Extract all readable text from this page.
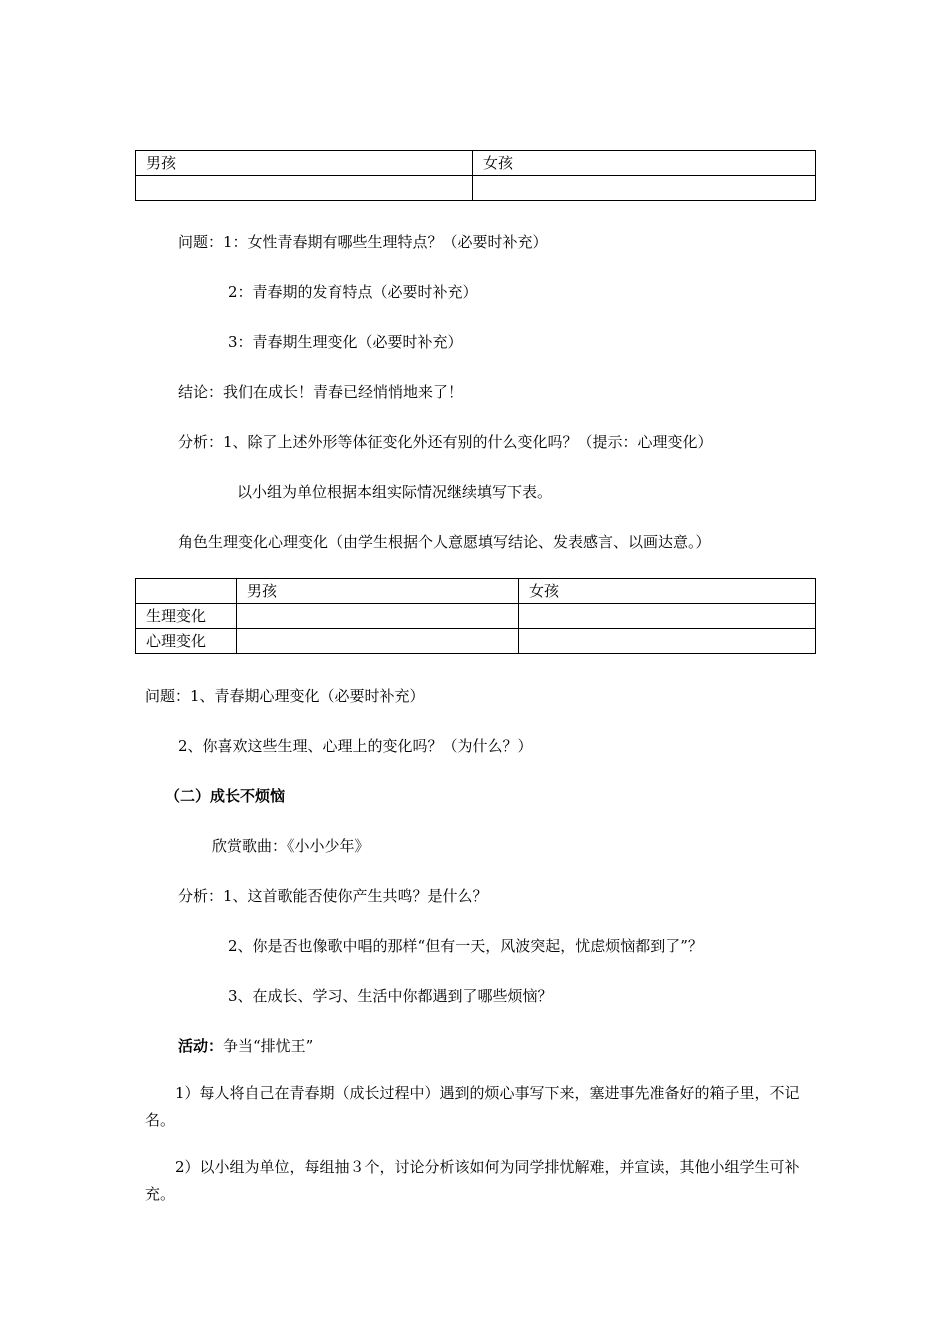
男孩	女孩

问题：1：女性青春期有哪些生理特点？（必要时补充）
2：青春期的发育特点（必要时补充）
3：青春期生理变化（必要时补充）
结论：我们在成长！青春已经悄悄地来了！
分析：1、除了上述外形等体征变化外还有别的什么变化吗？（提示：心理变化）
以小组为单位根据本组实际情况继续填写下表。
角色生理变化心理变化（由学生根据个人意愿填写结论、发表感言、以画达意。）
	男孩	女孩
生理变化		
心理变化		
问题：1、青春期心理变化（必要时补充）
2、你喜欢这些生理、心理上的变化吗？（为什么？）
（二）成长不烦恼
欣赏歌曲：《小小少年》
分析：1、这首歌能否使你产生共鸣？是什么？
2、你是否也像歌中唱的那样“但有一天，风波突起，忧虑烦恼都到了”？
3、在成长、学习、生活中你都遇到了哪些烦恼？
活动：争当“排忧王”
1）每人将自己在青春期（成长过程中）遇到的烦心事写下来，塞进事先准备好的箱子里，不记名。
2）以小组为单位，每组抽３个，讨论分析该如何为同学排忧解难，并宣读，其他小组学生可补充。
